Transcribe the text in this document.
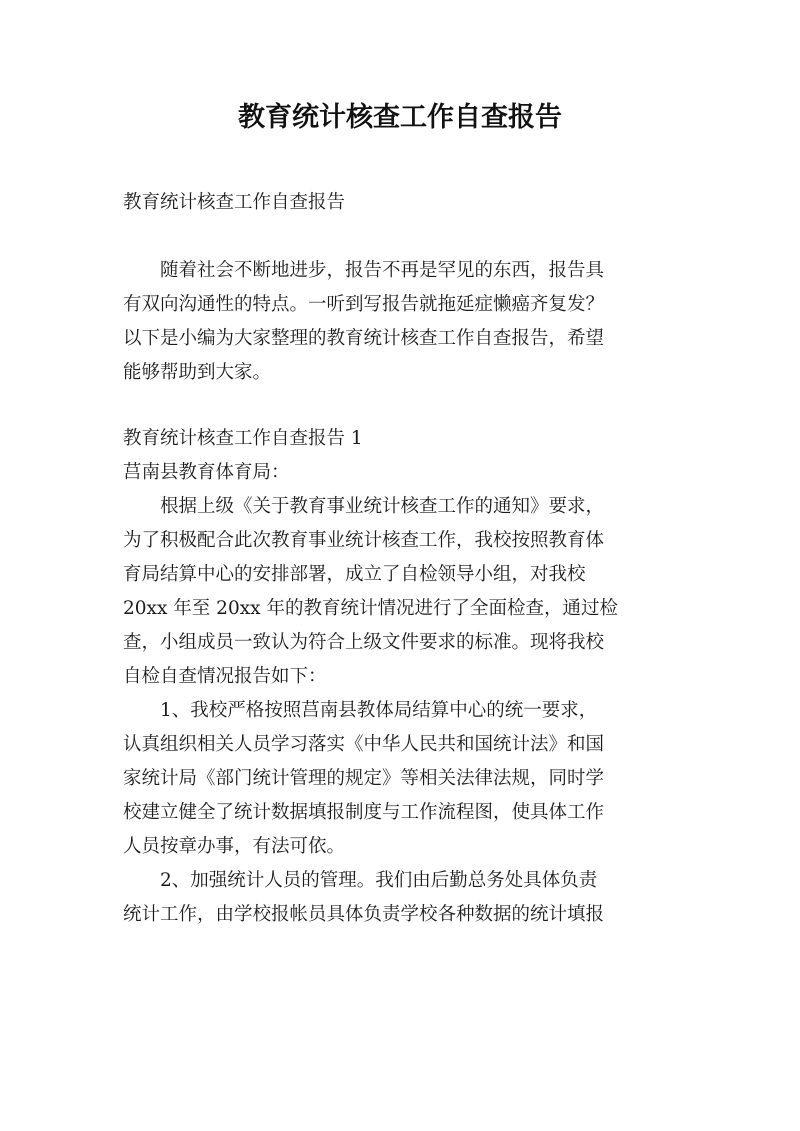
教育统计核查工作自查报告

教育统计核查工作自查报告

随着社会不断地进步，报告不再是罕见的东西，报告具

有双向沟通性的特点。一听到写报告就拖延症懒癌齐复发？

以下是小编为大家整理的教育统计核查工作自查报告，希望

能够帮助到大家。

教育统计核查工作自查报告 1

莒南县教育体育局：

根据上级《关于教育事业统计核查工作的通知》要求，

为了积极配合此次教育事业统计核查工作，我校按照教育体

育局结算中心的安排部署，成立了自检领导小组，对我校

20xx 年至 20xx 年的教育统计情况进行了全面检查，通过检

查，小组成员一致认为符合上级文件要求的标准。现将我校

自检自查情况报告如下：

1、我校严格按照莒南县教体局结算中心的统一要求，

认真组织相关人员学习落实《中华人民共和国统计法》和国

家统计局《部门统计管理的规定》等相关法律法规，同时学

校建立健全了统计数据填报制度与工作流程图，使具体工作

人员按章办事，有法可依。

2、加强统计人员的管理。我们由后勤总务处具体负责

统计工作，由学校报帐员具体负责学校各种数据的统计填报
